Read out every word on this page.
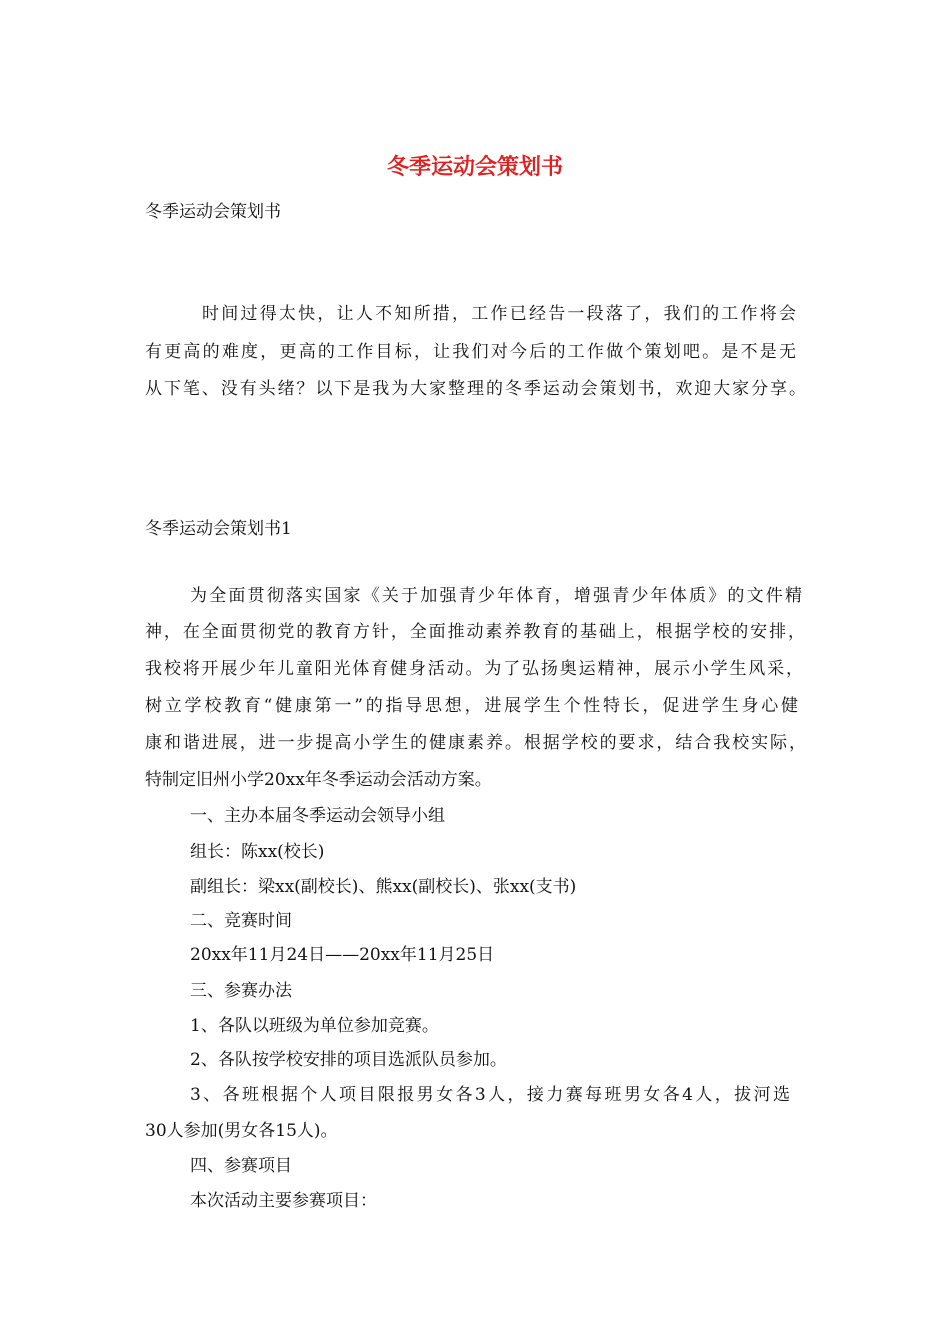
冬季运动会策划书
冬季运动会策划书
时间过得太快，让人不知所措，工作已经告一段落了，我们的工作将会
有更高的难度，更高的工作目标，让我们对今后的工作做个策划吧。是不是无
从下笔、没有头绪？以下是我为大家整理的冬季运动会策划书，欢迎大家分享。
冬季运动会策划书1
为全面贯彻落实国家《关于加强青少年体育，增强青少年体质》的文件精
神，在全面贯彻党的教育方针，全面推动素养教育的基础上，根据学校的安排，
我校将开展少年儿童阳光体育健身活动。为了弘扬奥运精神，展示小学生风采，
树立学校教育“健康第一”的指导思想，进展学生个性特长，促进学生身心健
康和谐进展，进一步提高小学生的健康素养。根据学校的要求，结合我校实际，
特制定旧州小学20xx年冬季运动会活动方案。
一、主办本届冬季运动会领导小组
组长：陈xx(校长)
副组长：梁xx(副校长)、熊xx(副校长)、张xx(支书)
二、竞赛时间
20xx年11月24日——20xx年11月25日
三、参赛办法
1、各队以班级为单位参加竞赛。
2、各队按学校安排的项目选派队员参加。
3、各班根据个人项目限报男女各3人，接力赛每班男女各4人，拔河选
30人参加(男女各15人)。
四、参赛项目
本次活动主要参赛项目：
